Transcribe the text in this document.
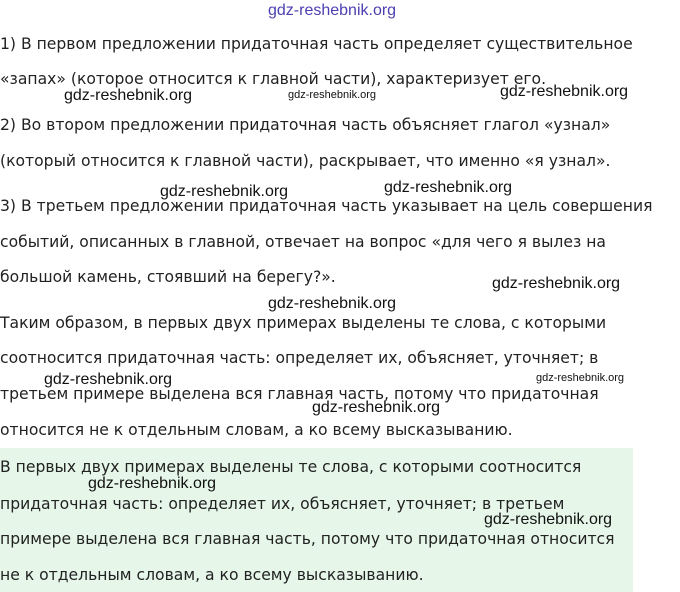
1) В первом предложении придаточная часть определяет существительное
«запах» (которое относится к главной части), характеризует его.
2) Во втором предложении придаточная часть объясняет глагол «узнал»
(который относится к главной части), раскрывает, что именно «я узнал».
3) В третьем предложении придаточная часть указывает на цель совершения
событий, описанных в главной, отвечает на вопрос «для чего я вылез на
большой камень, стоявший на берегу?».
Таким образом, в первых двух примерах выделены те слова, с которыми
соотносится придаточная часть: определяет их, объясняет, уточняет; в
третьем примере выделена вся главная часть, потому что придаточная
относится не к отдельным словам, а ко всему высказыванию.
В первых двух примерах выделены те слова, с которыми соотносится
придаточная часть: определяет их, объясняет, уточняет; в третьем
примере выделена вся главная часть, потому что придаточная относится
не к отдельным словам, а ко всему высказыванию.
gdz-reshebnik.org
gdz-reshebnik.org	gdz-reshebnik.org	gdz-reshebnik.org
gdz-reshebnik.org	gdz-reshebnik.org
gdz-reshebnik.org
gdz-reshebnik.org
gdz-reshebnik.org	gdz-reshebnik.org
gdz-reshebnik.org
gdz-reshebnik.org
gdz-reshebnik.org
